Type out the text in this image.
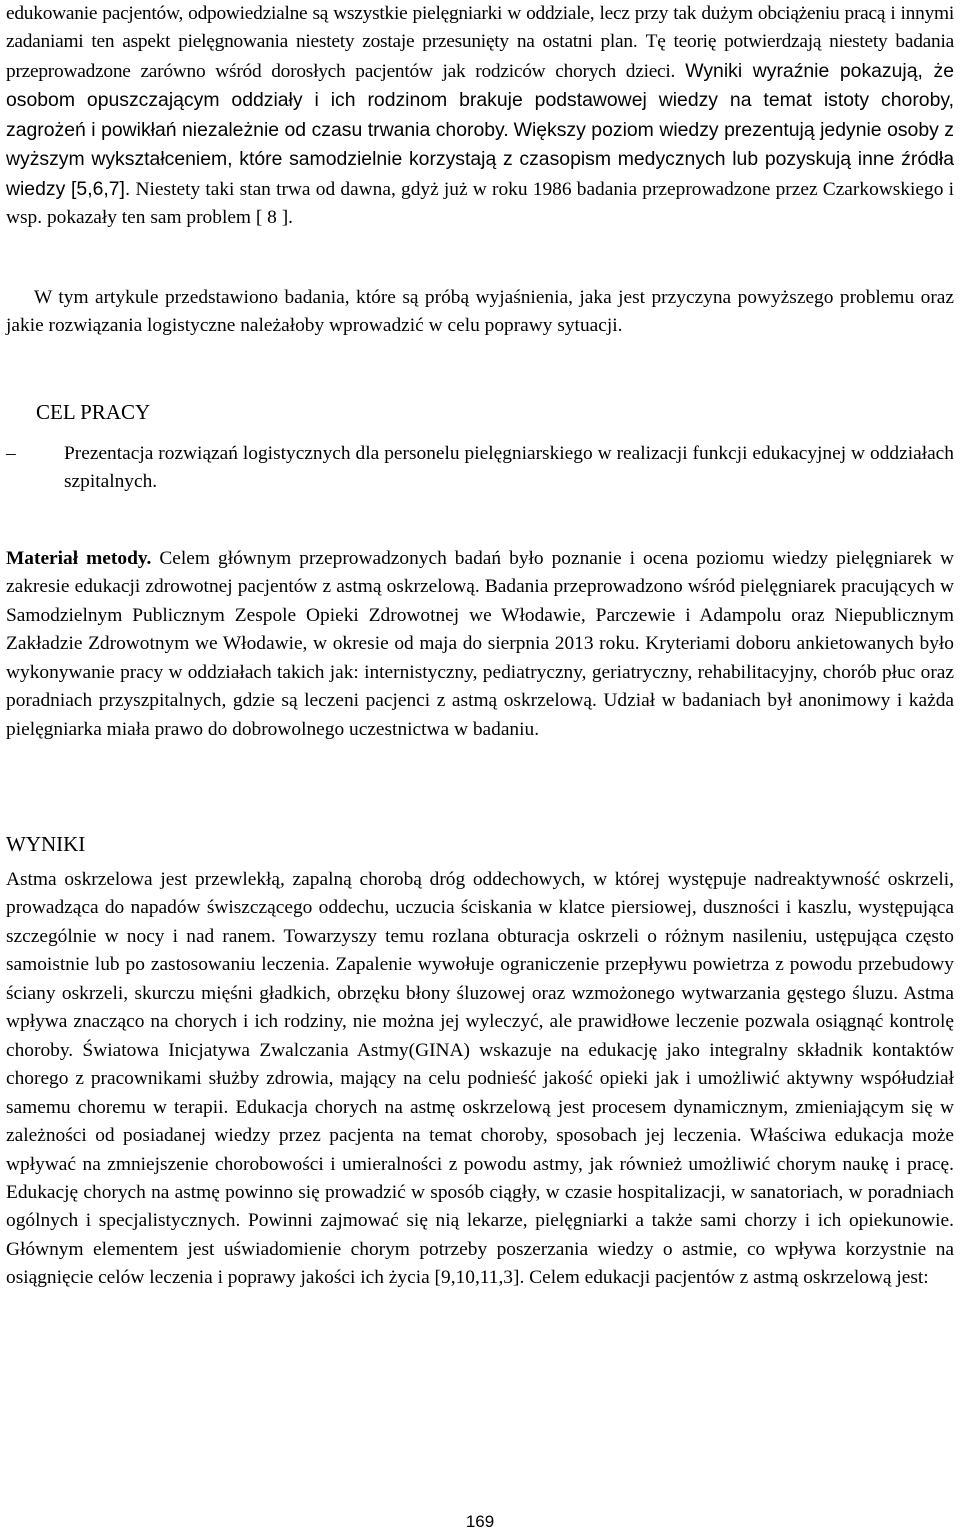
edukowanie pacjentów, odpowiedzialne są wszystkie pielęgniarki w oddziale, lecz przy tak dużym obciążeniu pracą i innymi zadaniami ten aspekt pielęgnowania niestety zostaje przesunięty na ostatni plan. Tę teorię potwierdzają niestety badania przeprowadzone zarówno wśród dorosłych pacjentów jak rodziców chorych dzieci. Wyniki wyraźnie pokazują, że osobom opuszczającym oddziały i ich rodzinom brakuje podstawowej wiedzy na temat istoty choroby, zagrożeń i powikłań niezależnie od czasu trwania choroby. Większy poziom wiedzy prezentują jedynie osoby z wyższym wykształceniem, które samodzielnie korzystają z czasopism medycznych lub pozyskują inne źródła wiedzy [5,6,7]. Niestety taki stan trwa od dawna, gdyż już w roku 1986 badania przeprowadzone przez Czarkowskiego i wsp. pokazały ten sam problem [ 8 ].

W tym artykule przedstawiono badania, które są próbą wyjaśnienia, jaka jest przyczyna powyższego problemu oraz jakie rozwiązania logistyczne należałoby wprowadzić w celu poprawy sytuacji.

CEL PRACY

–	Prezentacja rozwiązań logistycznych dla personelu pielęgniarskiego w realizacji funkcji edukacyjnej w oddziałach szpitalnych.

Materiał metody. Celem głównym przeprowadzonych badań było poznanie i ocena poziomu wiedzy pielęgniarek w zakresie edukacji zdrowotnej pacjentów z astmą oskrzelową. Badania przeprowadzono wśród pielęgniarek pracujących w Samodzielnym Publicznym Zespole Opieki Zdrowotnej we Włodawie, Parczewie i Adampolu oraz Niepublicznym Zakładzie Zdrowotnym we Włodawie, w okresie od maja do sierpnia 2013 roku. Kryteriami doboru ankietowanych było wykonywanie pracy w oddziałach takich jak: internistyczny, pediatryczny, geriatryczny, rehabilitacyjny, chorób płuc oraz poradniach przyszpitalnych, gdzie są leczeni pacjenci z astmą oskrzelową. Udział w badaniach był anonimowy i każda pielęgniarka miała prawo do dobrowolnego uczestnictwa w badaniu.

WYNIKI

Astma oskrzelowa jest przewlekłą, zapalną chorobą dróg oddechowych, w której występuje nadreaktywność oskrzeli, prowadząca do napadów świszczącego oddechu, uczucia ściskania w klatce piersiowej, duszności i kaszlu, występująca szczególnie w nocy i nad ranem. Towarzyszy temu rozlana obturacja oskrzeli o różnym nasileniu, ustępująca często samoistnie lub po zastosowaniu leczenia. Zapalenie wywołuje ograniczenie przepływu powietrza z powodu przebudowy ściany oskrzeli, skurczu mięśni gładkich, obrzęku błony śluzowej oraz wzmożonego wytwarzania gęstego śluzu. Astma wpływa znacząco na chorych i ich rodziny, nie można jej wyleczyć, ale prawidłowe leczenie pozwala osiągnąć kontrolę choroby. Światowa Inicjatywa Zwalczania Astmy(GINA) wskazuje na edukację jako integralny składnik kontaktów chorego z pracownikami służby zdrowia, mający na celu podnieść jakość opieki jak i umożliwić aktywny współudział samemu choremu w terapii. Edukacja chorych na astmę oskrzelową jest procesem dynamicznym, zmieniającym się w zależności od posiadanej wiedzy przez pacjenta na temat choroby, sposobach jej leczenia. Właściwa edukacja może wpływać na zmniejszenie chorobowości i umieralności z powodu astmy, jak również umożliwić chorym naukę i pracę. Edukację chorych na astmę powinno się prowadzić w sposób ciągły, w czasie hospitalizacji, w sanatoriach, w poradniach ogólnych i specjalistycznych. Powinni zajmować się nią lekarze, pielęgniarki a także sami chorzy i ich opiekunowie. Głównym elementem jest uświadomienie chorym potrzeby poszerzania wiedzy o astmie, co wpływa korzystnie na osiągnięcie celów leczenia i poprawy jakości ich życia [9,10,11,3]. Celem edukacji pacjentów z astmą oskrzelową jest:

169
